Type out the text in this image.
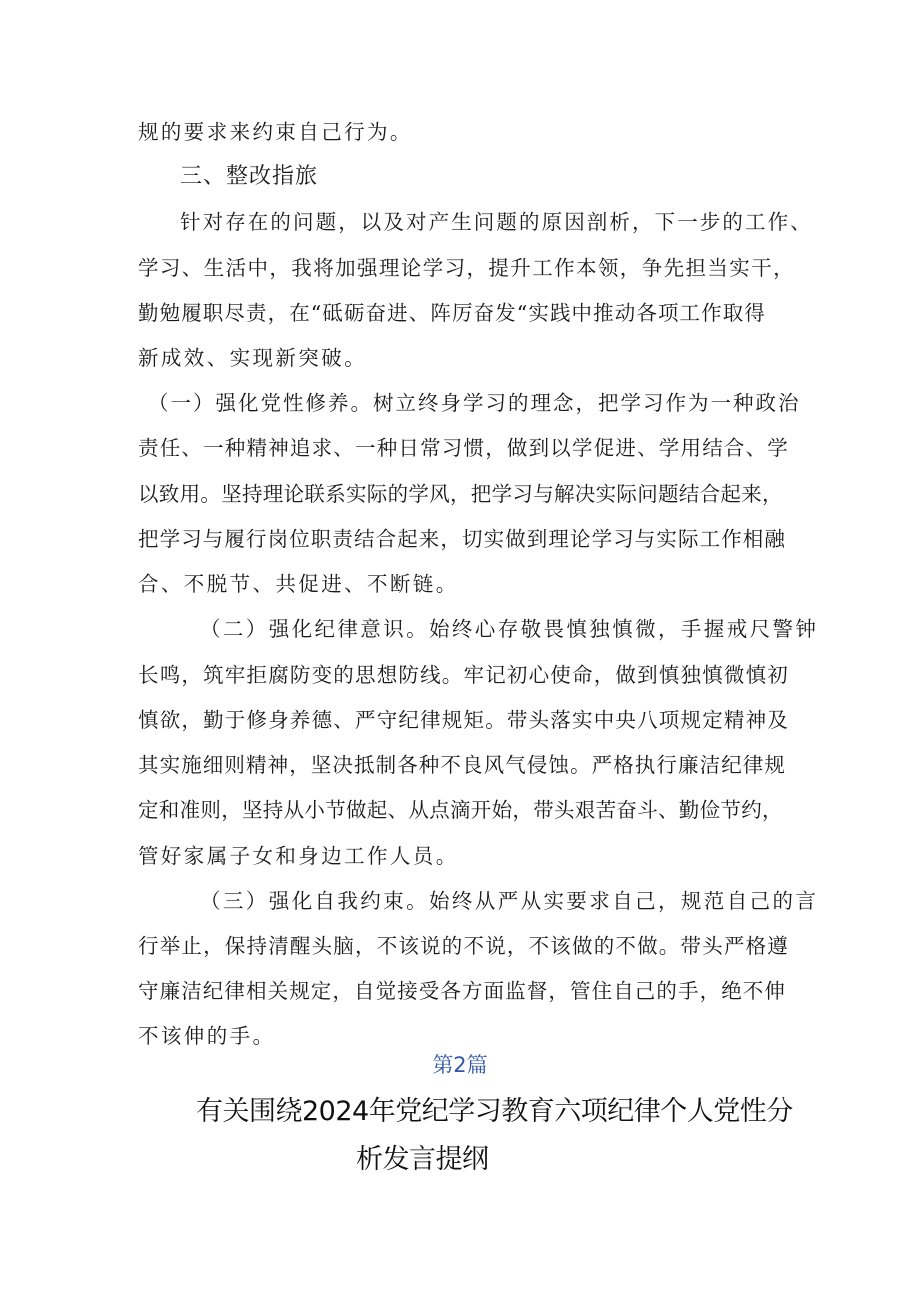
规的要求来约束自己行为。
三、整改指旅
针对存在的问题，以及对产生问题的原因剖析，下一步的工作、
学习、生活中，我将加强理论学习，提升工作本领，争先担当实干，
勤勉履职尽责，在“砥砺奋进、阵厉奋发“实践中推动各项工作取得
新成效、实现新突破。
（一）强化党性修养。树立终身学习的理念，把学习作为一种政治
责任、一种精神追求、一种日常习惯，做到以学促进、学用结合、学
以致用。坚持理论联系实际的学风，把学习与解决实际问题结合起来，
把学习与履行岗位职责结合起来，切实做到理论学习与实际工作相融
合、不脱节、共促进、不断链。
（二）强化纪律意识。始终心存敬畏慎独慎微，手握戒尺警钟
长鸣，筑牢拒腐防变的思想防线。牢记初心使命，做到慎独慎微慎初
慎欲，勤于修身养德、严守纪律规矩。带头落实中央八项规定精神及
其实施细则精神，坚决抵制各种不良风气侵蚀。严格执行廉洁纪律规
定和准则，坚持从小节做起、从点滴开始，带头艰苦奋斗、勤俭节约，
管好家属子女和身边工作人员。
（三）强化自我约束。始终从严从实要求自己，规范自己的言
行举止，保持清醒头脑，不该说的不说，不该做的不做。带头严格遵
守廉洁纪律相关规定，自觉接受各方面监督，管住自己的手，绝不伸
不该伸的手。
第2篇
有关围绕2024年党纪学习教育六项纪律个人党性分
析发言提纲
